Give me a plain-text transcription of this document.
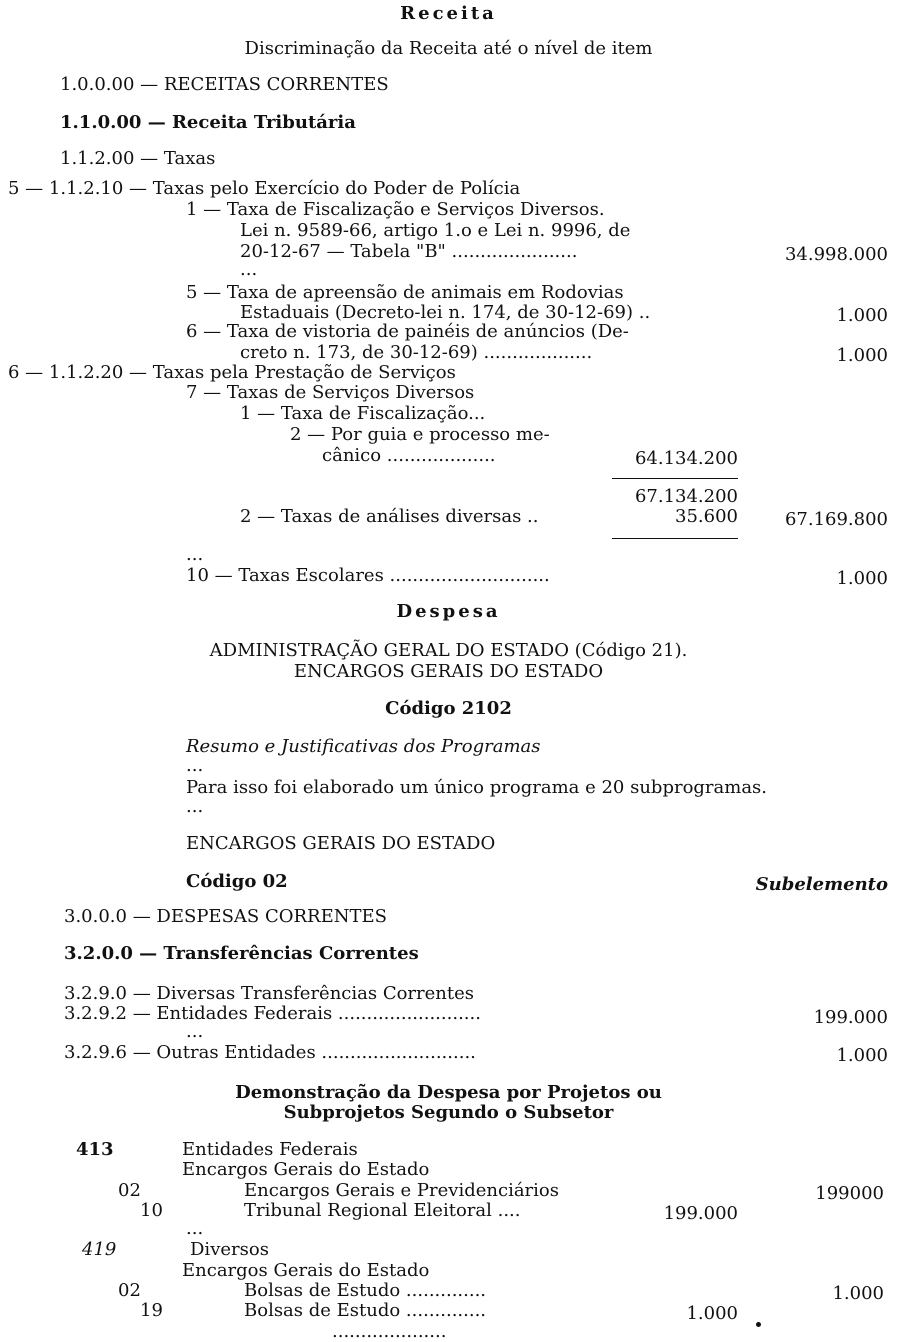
Receita
Discriminação da Receita até o nível de item
1.0.0.00 — RECEITAS CORRENTES
1.1.0.00 — Receita Tributária
1.1.2.00 — Taxas
5 — 1.1.2.10 — Taxas pelo Exercício do Poder de Polícia
1 — Taxa de Fiscalização e Serviços Diversos.
Lei n. 9589-66, artigo 1.o e Lei n. 9996, de
20-12-67 — Tabela "B" ......................	34.998.000
...
5 — Taxa de apreensão de animais em Rodovias
Estaduais (Decreto-lei n. 174, de 30-12-69) ..	1.000
6 — Taxa de vistoria de painéis de anúncios (De-
creto n. 173, de 30-12-69) ...................	1.000
6 — 1.1.2.20 — Taxas pela Prestação de Serviços
7 — Taxas de Serviços Diversos
1 — Taxa de Fiscalização...
2 — Por guia e processo me-
cânico ...................	64.134.200
67.134.200
2 — Taxas de análises diversas ..	35.600	67.169.800
...
10 — Taxas Escolares ............................	1.000
Despesa
ADMINISTRAÇÃO GERAL DO ESTADO (Código 21).
ENCARGOS GERAIS DO ESTADO
Código 2102
Resumo e Justificativas dos Programas
...
Para isso foi elaborado um único programa e 20 subprogramas.
...
ENCARGOS GERAIS DO ESTADO
Código 02	Subelemento
3.0.0.0 — DESPESAS CORRENTES
3.2.0.0 — Transferências Correntes
3.2.9.0 — Diversas Transferências Correntes
3.2.9.2 — Entidades Federais .........................	199.000
...
3.2.9.6 — Outras Entidades ...........................	1.000
Demonstração da Despesa por Projetos ou
Subprojetos Segundo o Subsetor
413	Entidades Federais
Encargos Gerais do Estado
02	Encargos Gerais e Previdenciários	199000
10	Tribunal Regional Eleitoral ....	199.000
...
419	Diversos
Encargos Gerais do Estado
02	Bolsas de Estudo ..............	1.000
19	Bolsas de Estudo ..............	1.000
....................
